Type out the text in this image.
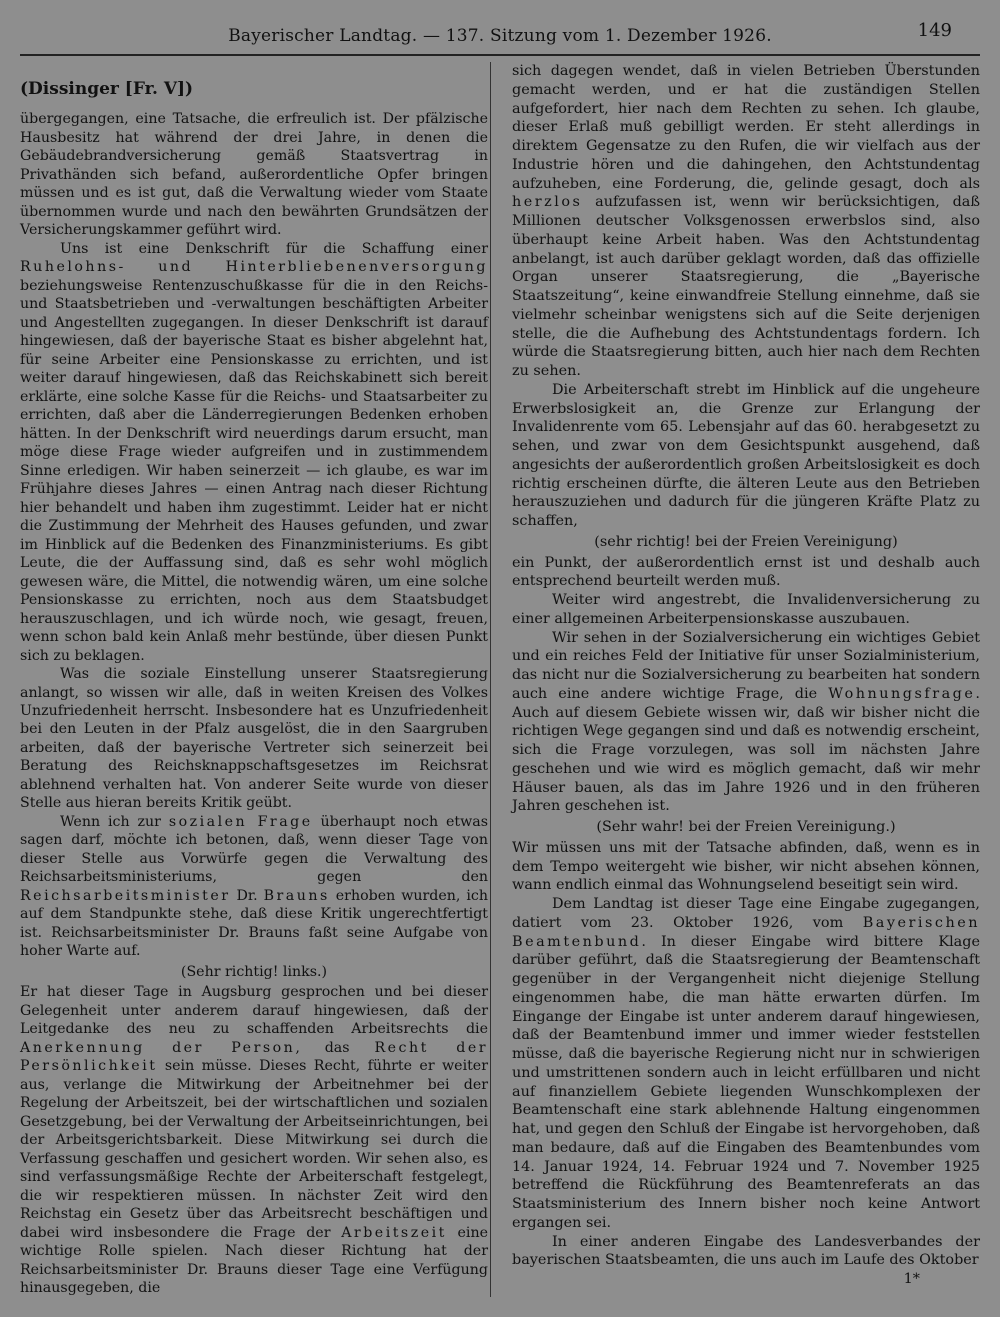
Bayerischer Landtag. — 137. Sitzung vom 1. Dezember 1926.	149
(Dissinger [Fr. V])

übergegangen, eine Tatsache, die erfreulich ist. Der pfälzische Hausbesitz hat während der drei Jahre, in denen die Gebäudebrandversicherung gemäß Staatsvertrag in Privathänden sich befand, außerordentliche Opfer bringen müssen und es ist gut, daß die Verwaltung wieder vom Staate übernommen wurde und nach den bewährten Grundsätzen der Versicherungskammer geführt wird.

Uns ist eine Denkschrift für die Schaffung einer Ruhelohns- und Hinterbliebenenversorgung beziehungsweise Rentenzuschußkasse für die in den Reichs- und Staatsbetrieben und -verwaltungen beschäftigten Arbeiter und Angestellten zugegangen. In dieser Denkschrift ist darauf hingewiesen, daß der bayerische Staat es bisher abgelehnt hat, für seine Arbeiter eine Pensionskasse zu errichten, und ist weiter darauf hingewiesen, daß das Reichskabinett sich bereit erklärte, eine solche Kasse für die Reichs- und Staatsarbeiter zu errichten, daß aber die Länderregierungen Bedenken erhoben hätten. In der Denkschrift wird neuerdings darum ersucht, man möge diese Frage wieder aufgreifen und in zustimmendem Sinne erledigen. Wir haben seinerzeit — ich glaube, es war im Frühjahre dieses Jahres — einen Antrag nach dieser Richtung hier behandelt und haben ihm zugestimmt. Leider hat er nicht die Zustimmung der Mehrheit des Hauses gefunden, und zwar im Hinblick auf die Bedenken des Finanzministeriums. Es gibt Leute, die der Auffassung sind, daß es sehr wohl möglich gewesen wäre, die Mittel, die notwendig wären, um eine solche Pensionskasse zu errichten, noch aus dem Staatsbudget herauszuschlagen, und ich würde noch, wie gesagt, freuen, wenn schon bald kein Anlaß mehr bestünde, über diesen Punkt sich zu beklagen.

Was die soziale Einstellung unserer Staatsregierung anlangt, so wissen wir alle, daß in weiten Kreisen des Volkes Unzufriedenheit herrscht. Insbesondere hat es Unzufriedenheit bei den Leuten in der Pfalz ausgelöst, die in den Saargruben arbeiten, daß der bayerische Vertreter sich seinerzeit bei Beratung des Reichsknappschaftsgesetzes im Reichsrat ablehnend verhalten hat. Von anderer Seite wurde von dieser Stelle aus hieran bereits Kritik geübt.

Wenn ich zur sozialen Frage überhaupt noch etwas sagen darf, möchte ich betonen, daß, wenn dieser Tage von dieser Stelle aus Vorwürfe gegen die Verwaltung des Reichsarbeitsministeriums, gegen den Reichsarbeitsminister Dr. Brauns erhoben wurden, ich auf dem Standpunkte stehe, daß diese Kritik ungerechtfertigt ist. Reichsarbeitsminister Dr. Brauns faßt seine Aufgabe von hoher Warte auf.

(Sehr richtig! links.)

Er hat dieser Tage in Augsburg gesprochen und bei dieser Gelegenheit unter anderem darauf hingewiesen, daß der Leitgedanke des neu zu schaffenden Arbeitsrechts die Anerkennung der Person, das Recht der Persönlichkeit sein müsse. Dieses Recht, führte er weiter aus, verlange die Mitwirkung der Arbeitnehmer bei der Regelung der Arbeitszeit, bei der wirtschaftlichen und sozialen Gesetzgebung, bei der Verwaltung der Arbeitseinrichtungen, bei der Arbeitsgerichtsbarkeit. Diese Mitwirkung sei durch die Verfassung geschaffen und gesichert worden. Wir sehen also, es sind verfassungsmäßige Rechte der Arbeiterschaft festgelegt, die wir respektieren müssen. In nächster Zeit wird den Reichstag ein Gesetz über das Arbeitsrecht beschäftigen und dabei wird insbesondere die Frage der Arbeitszeit eine wichtige Rolle spielen. Nach dieser Richtung hat der Reichsarbeitsminister Dr. Brauns dieser Tage eine Verfügung hinausgegeben, die

sich dagegen wendet, daß in vielen Betrieben Überstunden gemacht werden, und er hat die zuständigen Stellen aufgefordert, hier nach dem Rechten zu sehen. Ich glaube, dieser Erlaß muß gebilligt werden. Er steht allerdings in direktem Gegensatze zu den Rufen, die wir vielfach aus der Industrie hören und die dahingehen, den Achtstundentag aufzuheben, eine Forderung, die, gelinde gesagt, doch als herzlos aufzufassen ist, wenn wir berücksichtigen, daß Millionen deutscher Volksgenossen erwerbslos sind, also überhaupt keine Arbeit haben. Was den Achtstundentag anbelangt, ist auch darüber geklagt worden, daß das offizielle Organ unserer Staatsregierung, die „Bayerische Staatszeitung“, keine einwandfreie Stellung einnehme, daß sie vielmehr scheinbar wenigstens sich auf die Seite derjenigen stelle, die die Aufhebung des Achtstundentags fordern. Ich würde die Staatsregierung bitten, auch hier nach dem Rechten zu sehen.

Die Arbeiterschaft strebt im Hinblick auf die ungeheure Erwerbslosigkeit an, die Grenze zur Erlangung der Invalidenrente vom 65. Lebensjahr auf das 60. herabgesetzt zu sehen, und zwar von dem Gesichtspunkt ausgehend, daß angesichts der außerordentlich großen Arbeitslosigkeit es doch richtig erscheinen dürfte, die älteren Leute aus den Betrieben herauszuziehen und dadurch für die jüngeren Kräfte Platz zu schaffen,

(sehr richtig! bei der Freien Vereinigung)

ein Punkt, der außerordentlich ernst ist und deshalb auch entsprechend beurteilt werden muß.

Weiter wird angestrebt, die Invalidenversicherung zu einer allgemeinen Arbeiterpensionskasse auszubauen.

Wir sehen in der Sozialversicherung ein wichtiges Gebiet und ein reiches Feld der Initiative für unser Sozialministerium, das nicht nur die Sozialversicherung zu bearbeiten hat sondern auch eine andere wichtige Frage, die Wohnungsfrage. Auch auf diesem Gebiete wissen wir, daß wir bisher nicht die richtigen Wege gegangen sind und daß es notwendig erscheint, sich die Frage vorzulegen, was soll im nächsten Jahre geschehen und wie wird es möglich gemacht, daß wir mehr Häuser bauen, als das im Jahre 1926 und in den früheren Jahren geschehen ist.

(Sehr wahr! bei der Freien Vereinigung.)

Wir müssen uns mit der Tatsache abfinden, daß, wenn es in dem Tempo weitergeht wie bisher, wir nicht absehen können, wann endlich einmal das Wohnungselend beseitigt sein wird.

Dem Landtag ist dieser Tage eine Eingabe zugegangen, datiert vom 23. Oktober 1926, vom Bayerischen Beamtenbund. In dieser Eingabe wird bittere Klage darüber geführt, daß die Staatsregierung der Beamtenschaft gegenüber in der Vergangenheit nicht diejenige Stellung eingenommen habe, die man hätte erwarten dürfen. Im Eingange der Eingabe ist unter anderem darauf hingewiesen, daß der Beamtenbund immer und immer wieder feststellen müsse, daß die bayerische Regierung nicht nur in schwierigen und umstrittenen sondern auch in leicht erfüllbaren und nicht auf finanziellem Gebiete liegenden Wunschkomplexen der Beamtenschaft eine stark ablehnende Haltung eingenommen hat, und gegen den Schluß der Eingabe ist hervorgehoben, daß man bedaure, daß auf die Eingaben des Beamtenbundes vom 14. Januar 1924, 14. Februar 1924 und 7. November 1925 betreffend die Rückführung des Beamtenreferats an das Staatsministerium des Innern bisher noch keine Antwort ergangen sei.

In einer anderen Eingabe des Landesverbandes der bayerischen Staatsbeamten, die uns auch im Laufe des Oktober

1*
